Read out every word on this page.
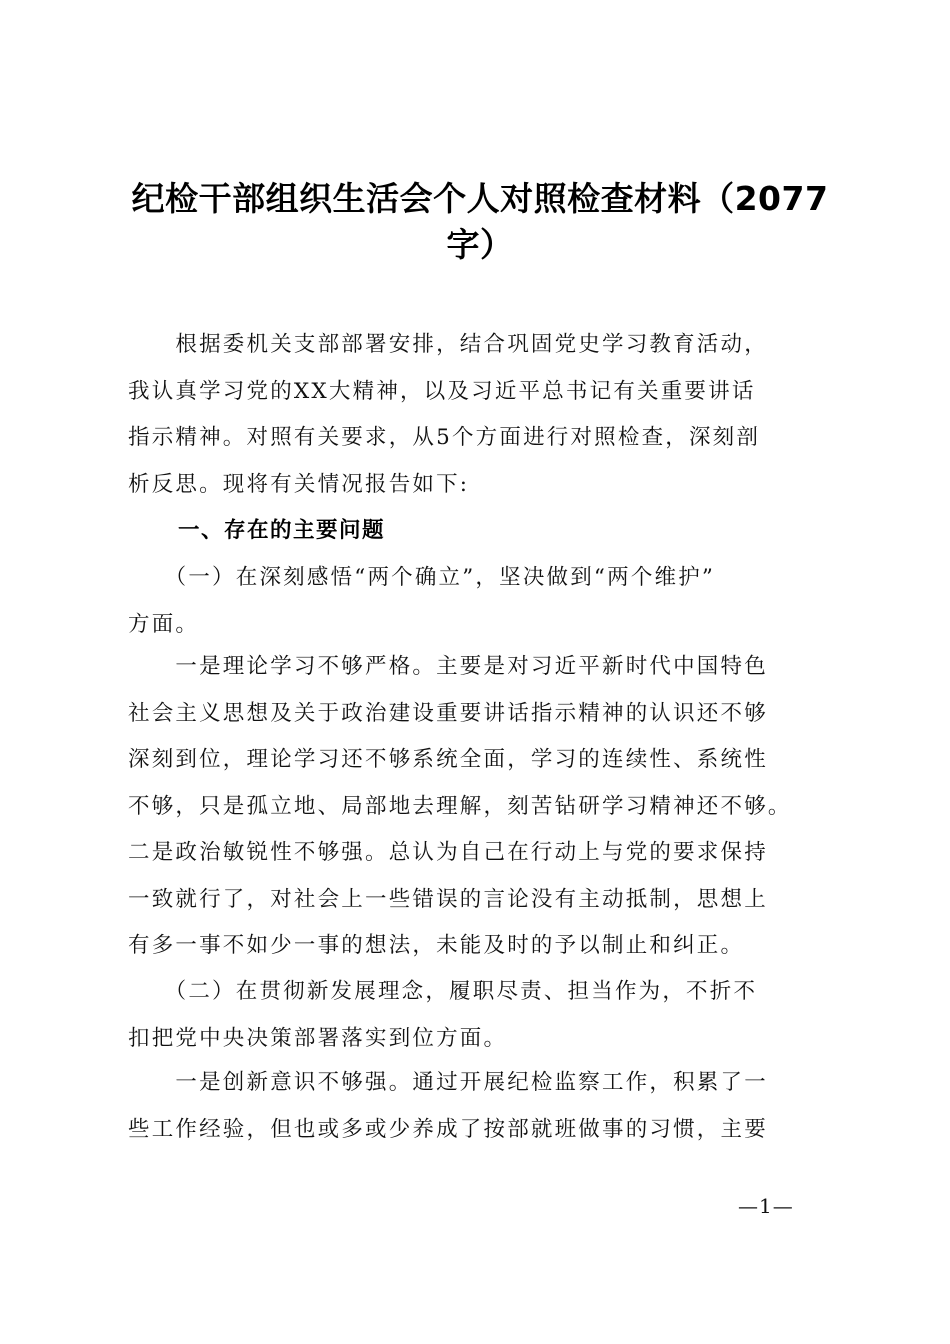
纪检干部组织生活会个人对照检查材料（2077
字）
　　根据委机关支部部署安排，结合巩固党史学习教育活动，
我认真学习党的XX大精神，以及习近平总书记有关重要讲话
指示精神。对照有关要求，从5个方面进行对照检查，深刻剖
析反思。现将有关情况报告如下:
一、存在的主要问题
　　（一）在深刻感悟“两个确立”，坚决做到“两个维护”
方面。
　　一是理论学习不够严格。主要是对习近平新时代中国特色
社会主义思想及关于政治建设重要讲话指示精神的认识还不够
深刻到位，理论学习还不够系统全面，学习的连续性、系统性
不够，只是孤立地、局部地去理解，刻苦钻研学习精神还不够。
二是政治敏锐性不够强。总认为自己在行动上与党的要求保持
一致就行了，对社会上一些错误的言论没有主动抵制，思想上
有多一事不如少一事的想法，未能及时的予以制止和纠正。
　　（二）在贯彻新发展理念，履职尽责、担当作为，不折不
扣把党中央决策部署落实到位方面。
　　一是创新意识不够强。通过开展纪检监察工作，积累了一
些工作经验，但也或多或少养成了按部就班做事的习惯，主要
—1—
